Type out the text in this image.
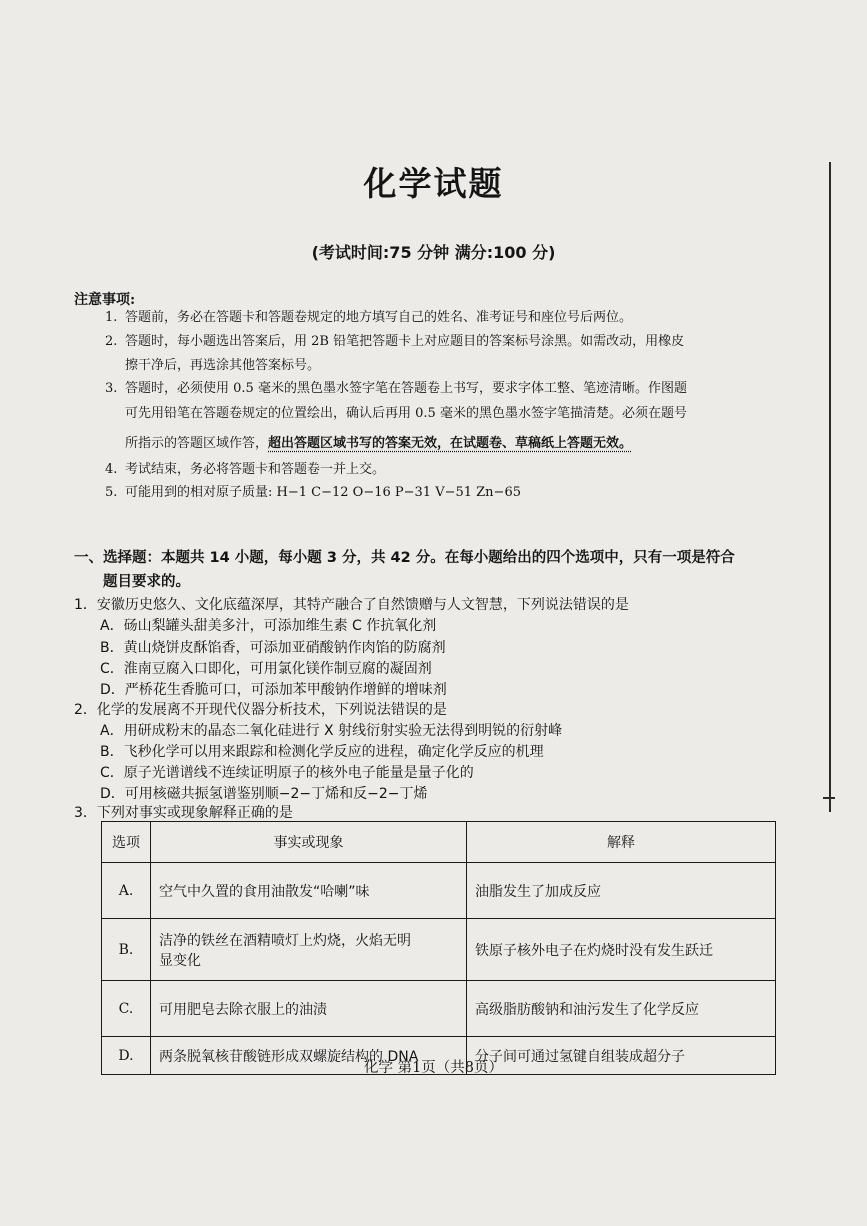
化学试题
(考试时间:75 分钟 满分:100 分)
注意事项:
1. 答题前，务必在答题卡和答题卷规定的地方填写自己的姓名、准考证号和座位号后两位。
2. 答题时，每小题选出答案后，用 2B 铅笔把答题卡上对应题目的答案标号涂黑。如需改动，用橡皮
擦干净后，再选涂其他答案标号。
3. 答题时，必须使用 0.5 毫米的黑色墨水签字笔在答题卷上书写，要求字体工整、笔迹清晰。作图题
可先用铅笔在答题卷规定的位置绘出，确认后再用 0.5 毫米的黑色墨水签字笔描清楚。必须在题号
所指示的答题区域作答，超出答题区域书写的答案无效，在试题卷、草稿纸上答题无效。
4. 考试结束，务必将答题卡和答题卷一并上交。
5. 可能用到的相对原子质量: H−1 C−12 O−16 P−31 V−51 Zn−65
一、选择题：本题共 14 小题，每小题 3 分，共 42 分。在每小题给出的四个选项中，只有一项是符合
题目要求的。
1．安徽历史悠久、文化底蕴深厚，其特产融合了自然馈赠与人文智慧，下列说法错误的是
A．砀山梨罐头甜美多汁，可添加维生素 C 作抗氧化剂
B．黄山烧饼皮酥馅香，可添加亚硝酸钠作肉馅的防腐剂
C．淮南豆腐入口即化，可用氯化镁作制豆腐的凝固剂
D．严桥花生香脆可口，可添加苯甲酸钠作增鲜的增味剂
2．化学的发展离不开现代仪器分析技术，下列说法错误的是
A．用研成粉末的晶态二氧化硅进行 X 射线衍射实验无法得到明锐的衍射峰
B．飞秒化学可以用来跟踪和检测化学反应的进程，确定化学反应的机理
C．原子光谱谱线不连续证明原子的核外电子能量是量子化的
D．可用核磁共振氢谱鉴别顺−2−丁烯和反−2−丁烯
3．下列对事实或现象解释正确的是
选项	事实或现象	解释
A.	空气中久置的食用油散发“哈喇”味	油脂发生了加成反应
B.	洁净的铁丝在酒精喷灯上灼烧，火焰无明
显变化	铁原子核外电子在灼烧时没有发生跃迁
C.	可用肥皂去除衣服上的油渍	高级脂肪酸钠和油污发生了化学反应
D.	两条脱氧核苷酸链形成双螺旋结构的 DNA	分子间可通过氢键自组装成超分子
化学 第1页（共8页）
